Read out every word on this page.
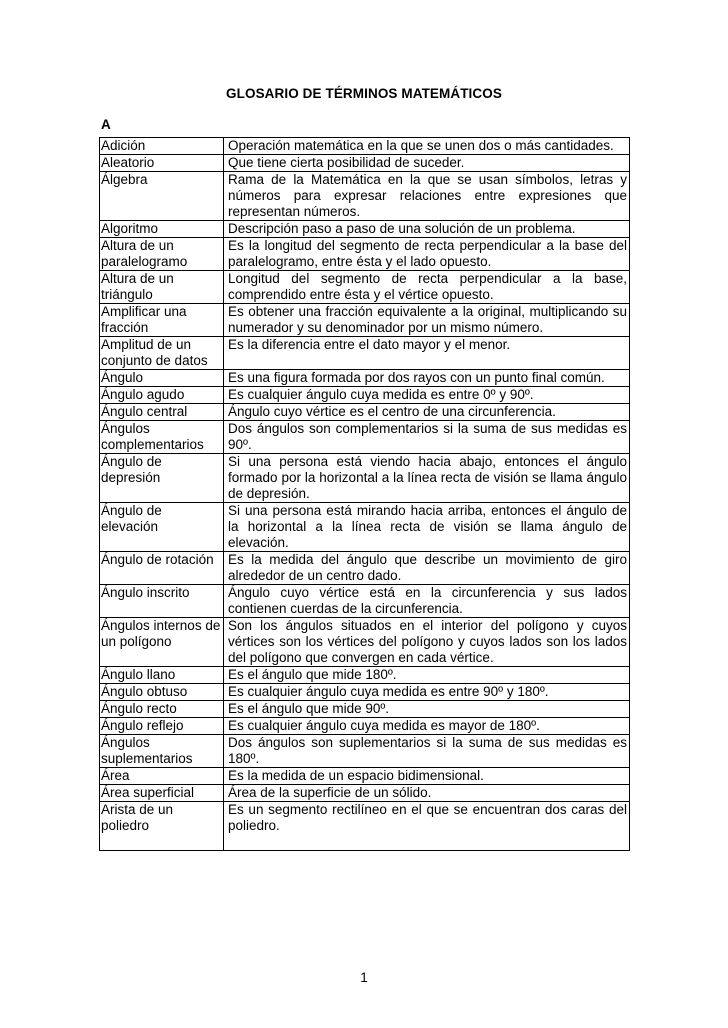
GLOSARIO DE TÉRMINOS MATEMÁTICOS
A
Adición	Operación matemática en la que se unen dos o más cantidades.
Aleatorio	Que tiene cierta posibilidad de suceder.
Álgebra	Rama de la Matemática en la que se usan símbolos, letras y números para expresar relaciones entre expresiones que representan números.
Algoritmo	Descripción paso a paso de una solución de un problema.
Altura de un paralelogramo	Es la longitud del segmento de recta perpendicular a la base del paralelogramo, entre ésta y el lado opuesto.
Altura de un triángulo	Longitud del segmento de recta perpendicular a la base, comprendido entre ésta y el vértice opuesto.
Amplificar una fracción	Es obtener una fracción equivalente a la original, multiplicando su numerador y su denominador por un mismo número.
Amplitud de un conjunto de datos	Es la diferencia entre el dato mayor y el menor.
Ángulo	Es una figura formada por dos rayos con un punto final común.
Ángulo agudo	Es cualquier ángulo cuya medida es entre 0º y 90º.
Ángulo central	Ángulo cuyo vértice es el centro de una circunferencia.
Ángulos complementarios	Dos ángulos son complementarios si la suma de sus medidas es 90º.
Ángulo de depresión	Si una persona está viendo hacia abajo, entonces el ángulo formado por la horizontal a la línea recta de visión se llama ángulo de depresión.
Ángulo de elevación	Si una persona está mirando hacia arriba, entonces el ángulo de la horizontal a la línea recta de visión se llama ángulo de elevación.
Ángulo de rotación	Es la medida del ángulo que describe un movimiento de giro alrededor de un centro dado.
Ángulo inscrito	Ángulo cuyo vértice está en la circunferencia y sus lados contienen cuerdas de la circunferencia.
Ángulos internos de un polígono	Son los ángulos situados en el interior del polígono y cuyos vértices son los vértices del polígono y cuyos lados son los lados del polígono que convergen en cada vértice.
Ángulo llano	Es el ángulo que mide 180º.
Ángulo obtuso	Es cualquier ángulo cuya medida es entre 90º y 180º.
Ángulo recto	Es el ángulo que mide 90º.
Ángulo reflejo	Es cualquier ángulo cuya medida es mayor de 180º.
Ángulos suplementarios	Dos ángulos son suplementarios si la suma de sus medidas es 180º.
Área	Es la medida de un espacio bidimensional.
Área superficial	Área de la superficie de un sólido.
Arista de un poliedro	Es un segmento rectilíneo en el que se encuentran dos caras del poliedro.
1
